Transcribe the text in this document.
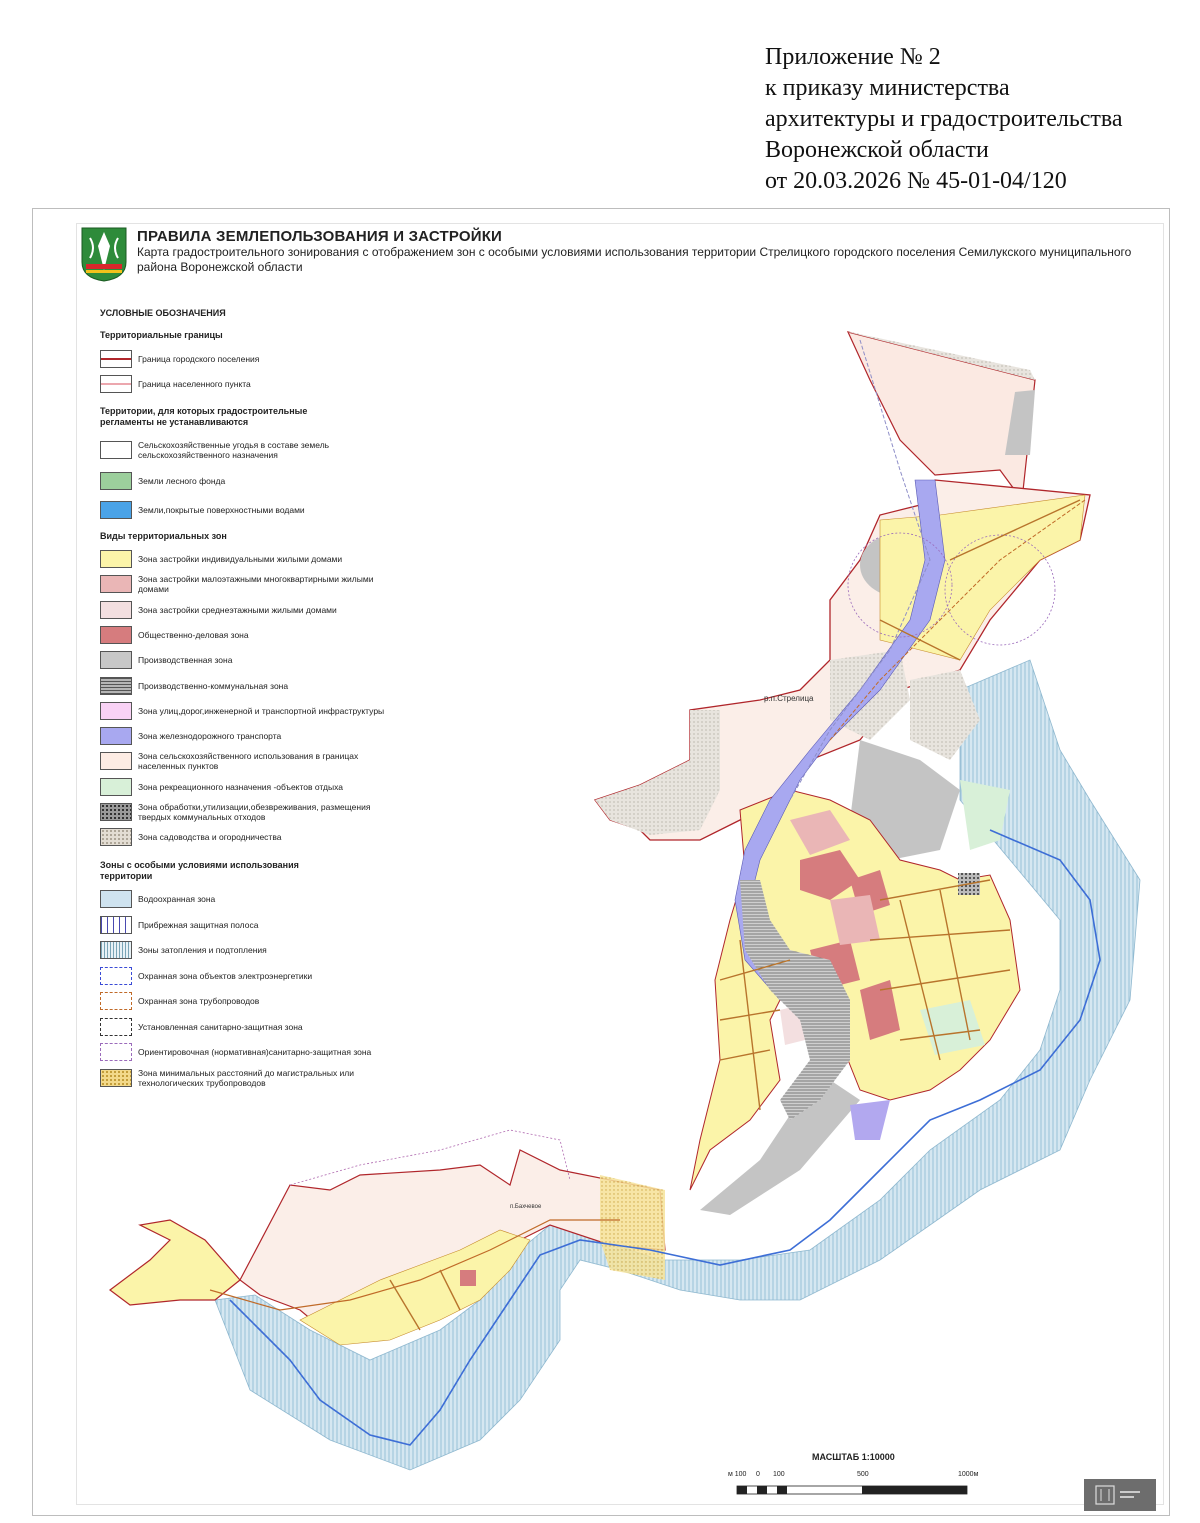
Приложение № 2
к приказу министерства
архитектуры и градостроительства
Воронежской области
от 20.03.2026 № 45-01-04/120
ПРАВИЛА ЗЕМЛЕПОЛЬЗОВАНИЯ И ЗАСТРОЙКИ
Карта градостроительного зонирования с отображением зон с особыми условиями использования территории Стрелицкого городского поселения Семилукского муниципального района Воронежской области
р.п.Стрелица
п.Бахчевое
УСЛОВНЫЕ ОБОЗНАЧЕНИЯ
Территориальные границы
Граница городского поселения
Граница населенного пункта
Территории, для которых градостроительные регламенты не устанавливаются
Сельскохозяйственные угодья в составе земель сельскохозяйственного назначения
Земли лесного фонда
Земли,покрытые поверхностными водами
Виды территориальных зон
Зона застройки индивидуальными жилыми домами
Зона застройки малоэтажными многоквартирными жилыми домами
Зона застройки среднеэтажными жилыми домами
Общественно-деловая зона
Производственная зона
Производственно-коммунальная зона
Зона улиц,дорог,инженерной и транспортной инфраструктуры
Зона железнодорожного транспорта
Зона сельскохозяйственного использования в границах населенных пунктов
Зона рекреационного назначения -объектов отдыха
Зона обработки,утилизации,обезвреживания, размещения твердых коммунальных отходов
Зона садоводства и огородничества
Зоны с особыми условиями использования территории
Водоохранная зона
Прибрежная защитная полоса
Зоны затопления и подтопления
Охранная зона объектов электроэнергетики
Охранная зона трубопроводов
Установленная санитарно-защитная зона
Ориентировочная (нормативная)санитарно-защитная зона
Зона минимальных расстояний до магистральных или технологических трубопроводов
МАСШТАБ 1:10000
м 100 0 100	500	1000м
